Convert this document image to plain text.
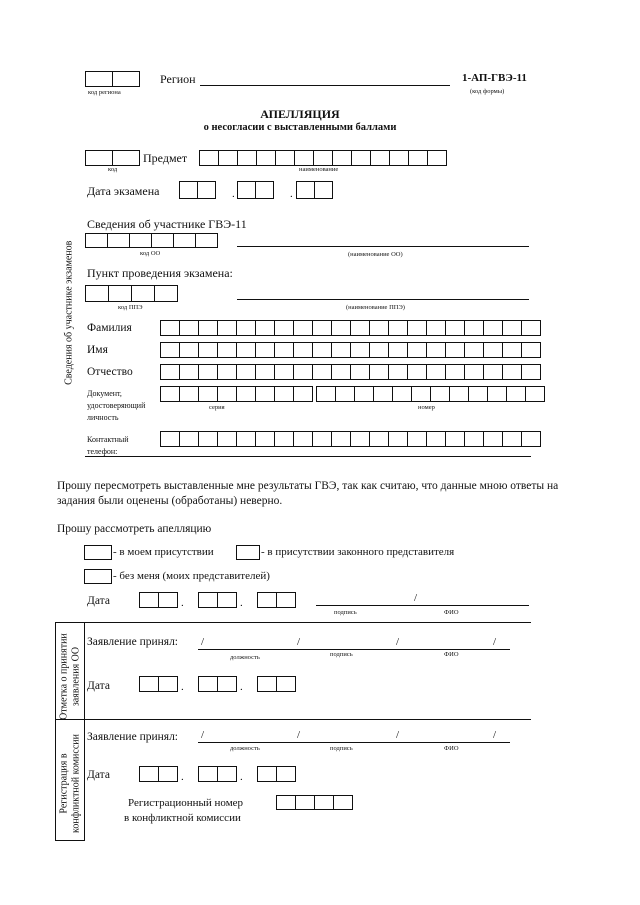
код региона
Регион	1-АП-ГВЭ-11
(код формы)
АПЕЛЛЯЦИЯ
о несогласии с выставленными баллами
код
Предмет
наименование
Дата экзамена	.	.
Сведения об участнике экзаменов
Сведения об участнике ГВЭ-11
код ОО	(наименование ОО)
Пункт проведения экзамена:
код ППЭ	(наименование ППЭ)
Фамилия
Имя
Отчество
Документ,
удостоверяющий
личность
серия	номер
Контактный
телефон:
Прошу пересмотреть выставленные мне результаты ГВЭ, так как считаю, что данные мною ответы на
задания были оценены (обработаны) неверно.
Прошу рассмотреть апелляцию
- в моем присутствии	- в присутствии законного представителя
- без меня (моих представителей)
Дата	.	.	/
подпись	ФИО
Отметка о принятии заявления ОО
Заявление принял: /	/	/	/
должность	подпись	ФИО
Дата	.	.
Регистрация в конфликтной комиссии Заявление принял: /	/	/	/
должность	подпись	ФИО
Дата	.	.
Регистрационный номер
в конфликтной комиссии
